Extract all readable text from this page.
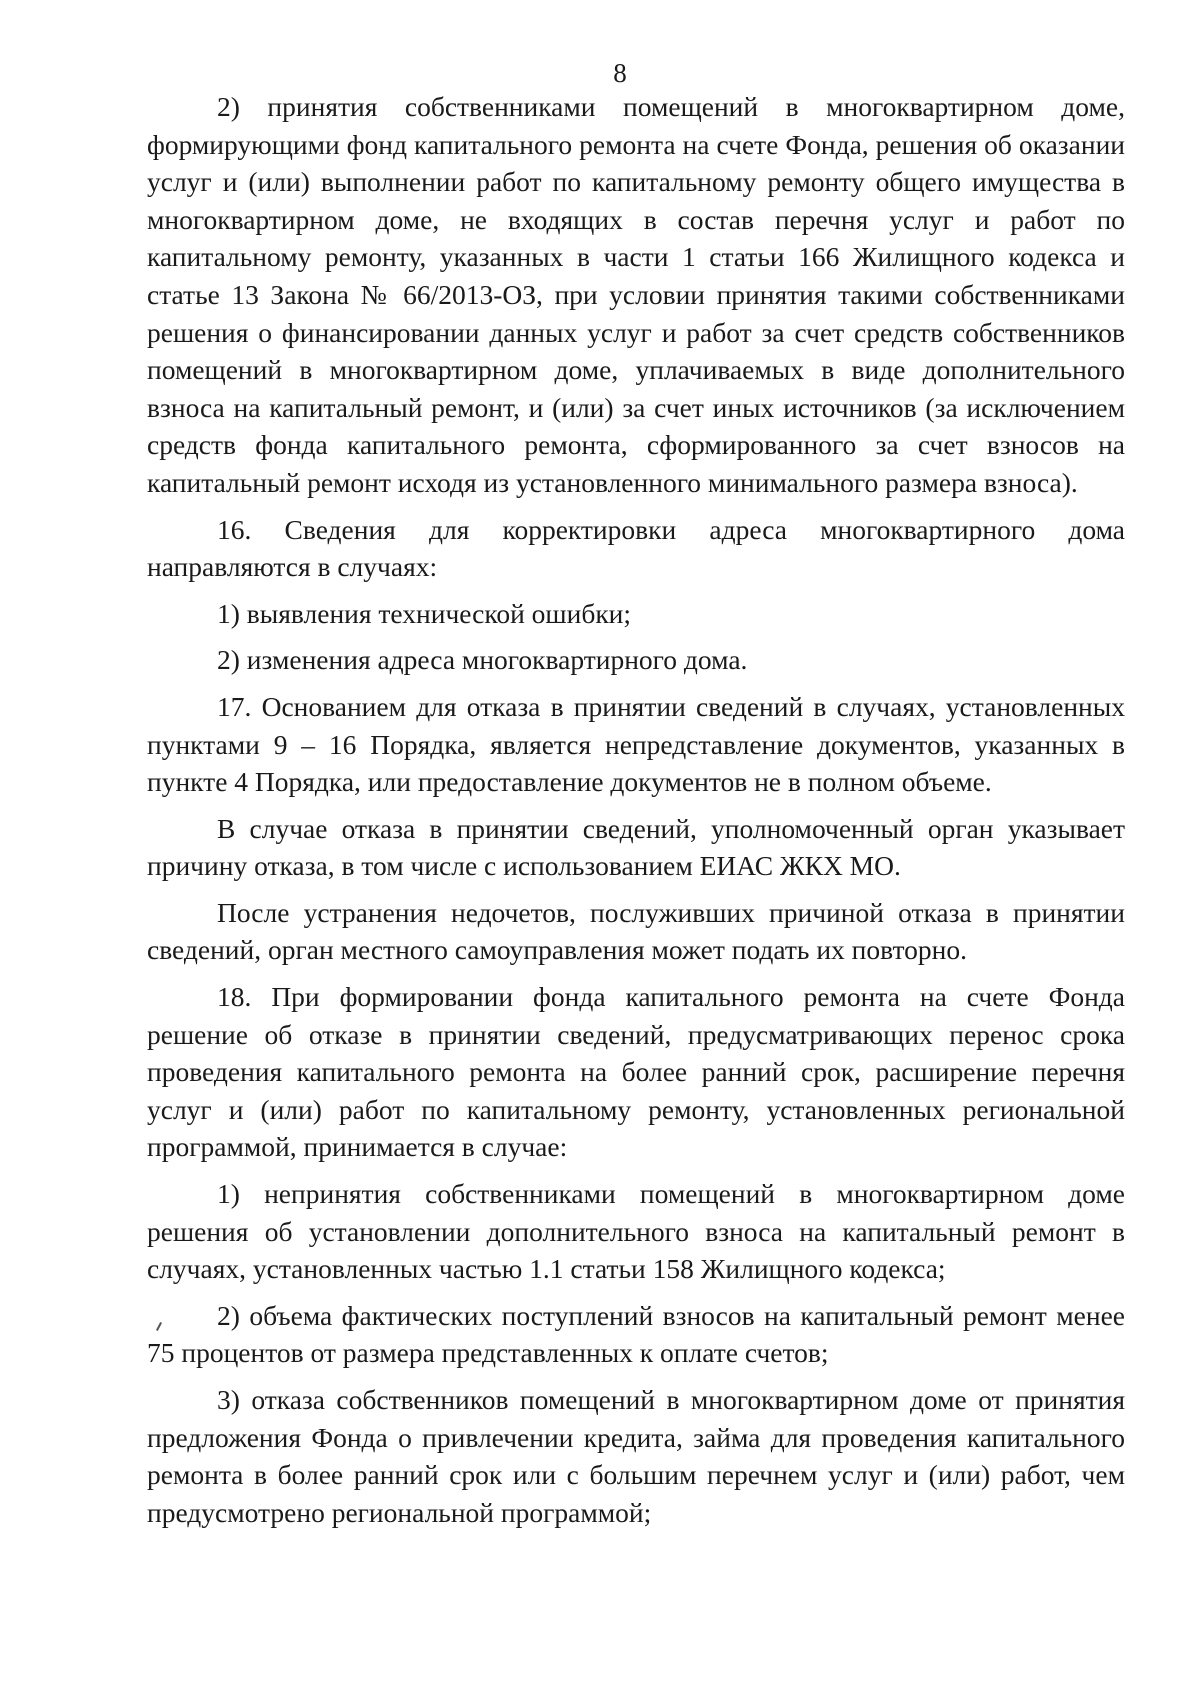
8

2) принятия собственниками помещений в многоквартирном доме, формирующими фонд капитального ремонта на счете Фонда, решения об оказании услуг и (или) выполнении работ по капитальному ремонту общего имущества в многоквартирном доме, не входящих в состав перечня услуг и работ по капитальному ремонту, указанных в части 1 статьи 166 Жилищного кодекса и статье 13 Закона № 66/2013-ОЗ, при условии принятия такими собственниками решения о финансировании данных услуг и работ за счет средств собственников помещений в многоквартирном доме, уплачиваемых в виде дополнительного взноса на капитальный ремонт, и (или) за счет иных источников (за исключением средств фонда капитального ремонта, сформированного за счет взносов на капитальный ремонт исходя из установленного минимального размера взноса).

16. Сведения для корректировки адреса многоквартирного дома направляются в случаях:

1) выявления технической ошибки;

2) изменения адреса многоквартирного дома.

17. Основанием для отказа в принятии сведений в случаях, установленных пунктами 9 – 16 Порядка, является непредставление документов, указанных в пункте 4 Порядка, или предоставление документов не в полном объеме.

В случае отказа в принятии сведений, уполномоченный орган указывает причину отказа, в том числе с использованием ЕИАС ЖКХ МО.

После устранения недочетов, послуживших причиной отказа в принятии сведений, орган местного самоуправления может подать их повторно.

18. При формировании фонда капитального ремонта на счете Фонда решение об отказе в принятии сведений, предусматривающих перенос срока проведения капитального ремонта на более ранний срок, расширение перечня услуг и (или) работ по капитальному ремонту, установленных региональной программой, принимается в случае:

1) непринятия собственниками помещений в многоквартирном доме решения об установлении дополнительного взноса на капитальный ремонт в случаях, установленных частью 1.1 статьи 158 Жилищного кодекса;

2) объема фактических поступлений взносов на капитальный ремонт менее 75 процентов от размера представленных к оплате счетов;

3) отказа собственников помещений в многоквартирном доме от принятия предложения Фонда о привлечении кредита, займа для проведения капитального ремонта в более ранний срок или с большим перечнем услуг и (или) работ, чем предусмотрено региональной программой;
